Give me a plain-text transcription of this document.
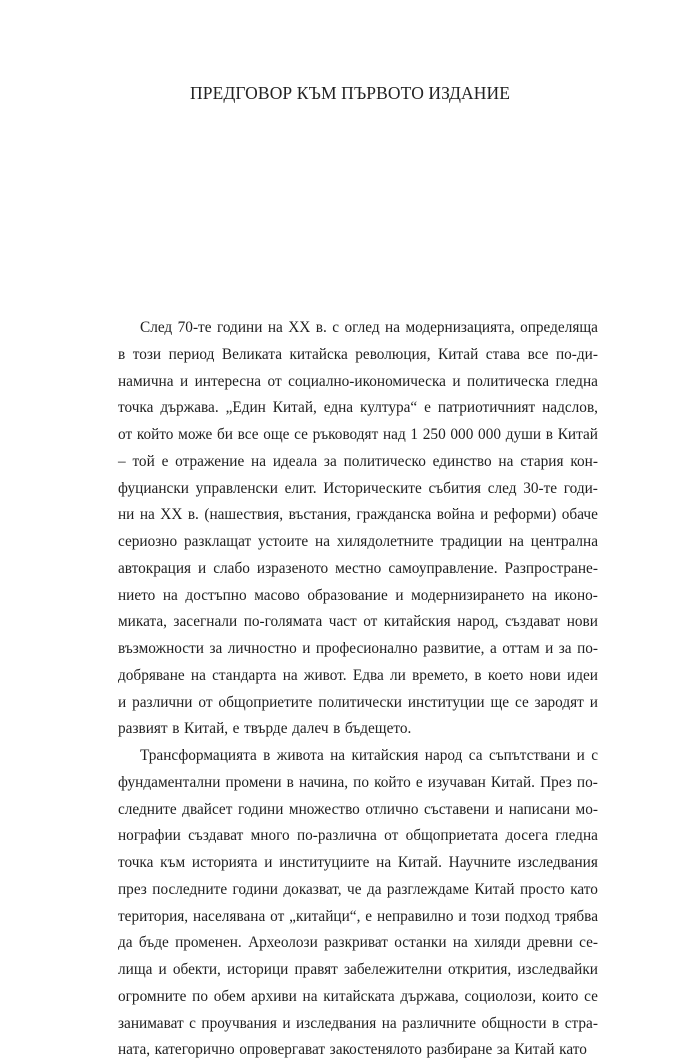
ПРЕДГОВОР КЪМ ПЪРВОТО ИЗДАНИЕ
След 70-те години на XX в. с оглед на модернизацията, определяща
в този период Великата китайска революция, Китай става все по-ди-
намична и интересна от социално-икономическа и политическа гледна
точка държава. „Един Китай, една култура“ е патриотичният надслов,
от който може би все още се ръководят над 1 250 000 000 души в Китай
– той е отражение на идеала за политическо единство на стария кон-
фуциански управленски елит. Историческите събития след 30-те годи-
ни на XX в. (нашествия, въстания, гражданска война и реформи) обаче
сериозно разклащат устоите на хилядолетните традиции на централна
автокрация и слабо изразеното местно самоуправление. Разпростране-
нието на достъпно масово образование и модернизирането на иконо-
миката, засегнали по-голямата част от китайския народ, създават нови
възможности за личностно и професионално развитие, а оттам и за по-
добряване на стандарта на живот. Едва ли времето, в което нови идеи
и различни от общоприетите политически институции ще се зародят и
развият в Китай, е твърде далеч в бъдещето.
Трансформацията в живота на китайския народ са съпътствани и с
фундаментални промени в начина, по който е изучаван Китай. През по-
следните двайсет години множество отлично съставени и написани мо-
нографии създават много по-различна от общоприетата досега гледна
точка към историята и институциите на Китай. Научните изследвания
през последните години доказват, че да разглеждаме Китай просто като
територия, населявана от „китайци“, е неправилно и този подход трябва
да бъде променен. Археолози разкриват останки на хиляди древни се-
лища и обекти, историци правят забележителни открития, изследвайки
огромните по обем архиви на китайската държава, социолози, които се
занимават с проучвания и изследвания на различните общности в стра-
ната, категорично опровергават закостенялото разбиране за Китай като
